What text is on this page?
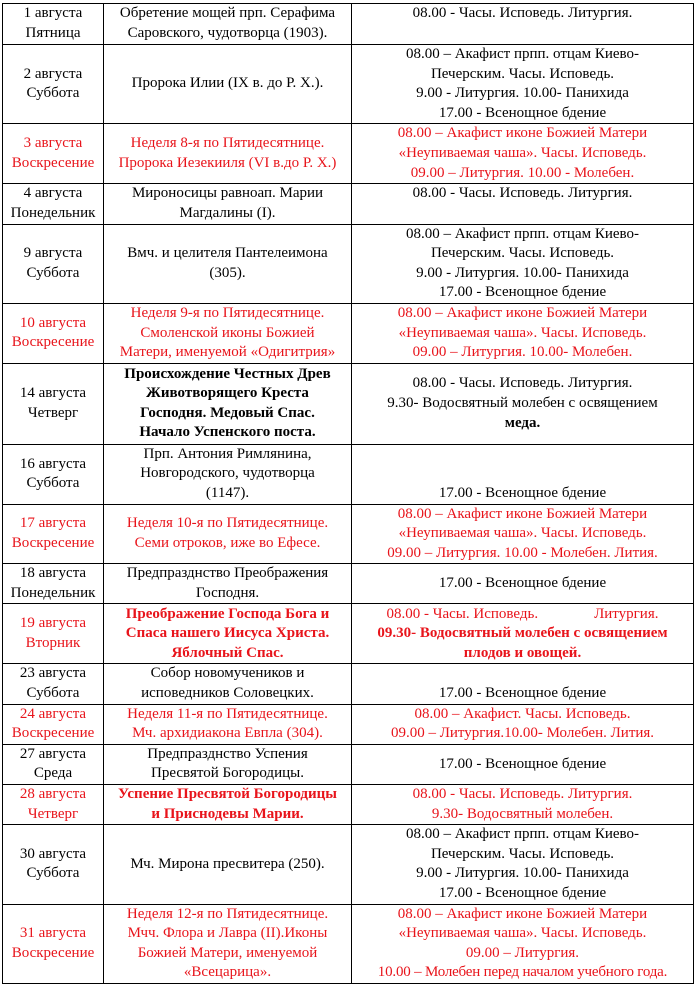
1 августа
Пятница	Обретение мощей прп. Серафима
Саровского, чудотворца (1903).	08.00 - Часы. Исповедь. Литургия.

2 августа
Суббота	Пророка Илии (IX в. до Р. Х.).	08.00 – Акафист прпп. отцам Киево-
Печерским. Часы. Исповедь.
9.00 - Литургия. 10.00- Панихида
17.00 - Всенощное бдение

3 августа
Воскресение	Неделя 8-я по Пятидесятнице.
Пророка Иезекииля (VI в.до Р. Х.)	08.00 – Акафист иконе Божией Матери
«Неупиваемая чаша». Часы. Исповедь.
09.00 – Литургия. 10.00 - Молебен.

4 августа
Понедельник	Мироносицы равноап. Марии
Магдалины (I).	08.00 - Часы. Исповедь. Литургия.

9 августа
Суббота	Вмч. и целителя Пантелеимона
(305).	08.00 – Акафист прпп. отцам Киево-
Печерским. Часы. Исповедь.
9.00 - Литургия. 10.00- Панихида
17.00 - Всенощное бдение

10 августа
Воскресение	Неделя 9-я по Пятидесятнице.
Смоленской иконы Божией
Матери, именуемой «Одигитрия»	08.00 – Акафист иконе Божией Матери
«Неупиваемая чаша». Часы. Исповедь.
09.00 – Литургия. 10.00- Молебен.

14 августа
Четверг	Происхождение Честных Древ
Животворящего Креста
Господня. Медовый Спас.
Начало Успенского поста.	08.00 - Часы. Исповедь. Литургия.
9.30- Водосвятный молебен с освящением
меда.

16 августа
Суббота	Прп. Антония Римлянина,
Новгородского, чудотворца
(1147).	17.00 - Всенощное бдение

17 августа
Воскресение	Неделя 10-я по Пятидесятнице.
Семи отроков, иже во Ефесе.	08.00 – Акафист иконе Божией Матери
«Неупиваемая чаша». Часы. Исповедь.
09.00 – Литургия. 10.00 - Молебен. Лития.

18 августа
Понедельник	Предпразднство Преображения
Господня.	17.00 - Всенощное бдение

19 августа
Вторник	Преображение Господа Бога и
Спаса нашего Иисуса Христа.
Яблочный Спас.	08.00 - Часы. Исповедь. Литургия.
09.30- Водосвятный молебен с освящением
плодов и овощей.

23 августа
Суббота	Собор новомучеников и
исповедников Соловецких.	17.00 - Всенощное бдение

24 августа
Воскресение	Неделя 11-я по Пятидесятнице.
Мч. архидиакона Евпла (304).	08.00 – Акафист. Часы. Исповедь.
09.00 – Литургия.10.00- Молебен. Лития.

27 августа
Среда	Предпразднство Успения
Пресвятой Богородицы.	17.00 - Всенощное бдение

28 августа
Четверг	Успение Пресвятой Богородицы
и Приснодевы Марии.	08.00 - Часы. Исповедь. Литургия.
9.30- Водосвятный молебен.

30 августа
Суббота	Мч. Мирона пресвитера (250).	08.00 – Акафист прпп. отцам Киево-
Печерским. Часы. Исповедь.
9.00 - Литургия. 10.00- Панихида
17.00 - Всенощное бдение

31 августа
Воскресение	Неделя 12-я по Пятидесятнице.
Мчч. Флора и Лавра (II).Иконы
Божией Матери, именуемой
«Всецарица».	08.00 – Акафист иконе Божией Матери
«Неупиваемая чаша». Часы. Исповедь.
09.00 – Литургия.
10.00 – Молебен перед началом учебного года.
